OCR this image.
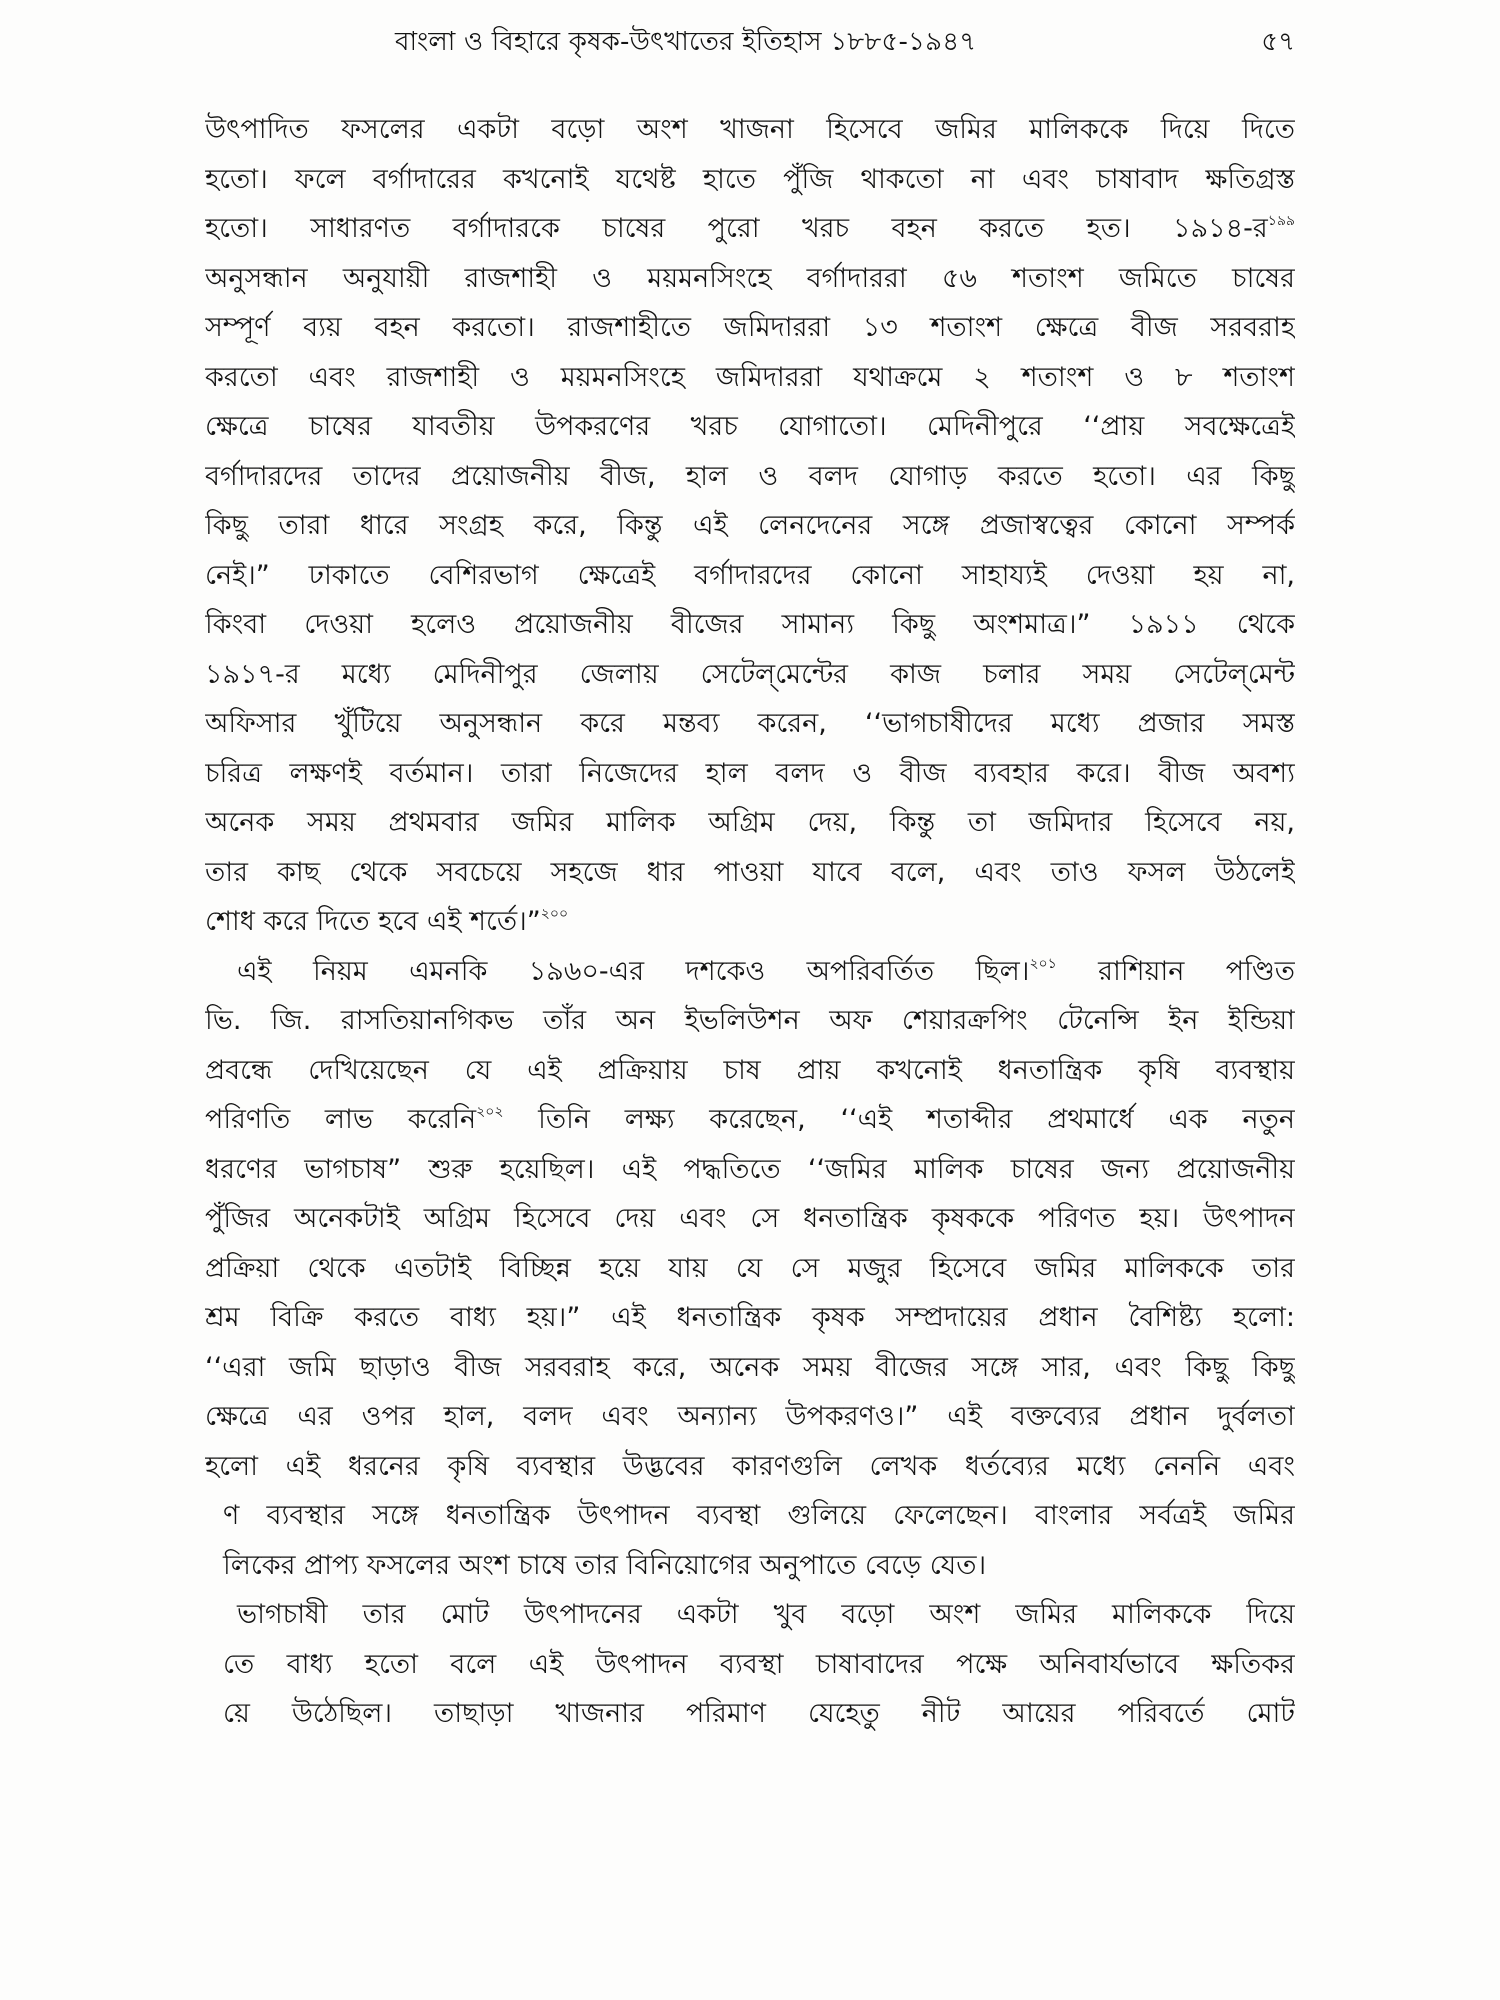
বাংলা ও বিহারে কৃষক-উৎখাতের ইতিহাস ১৮৮৫-১৯৪৭	৫৭
উৎপাদিত ফসলের একটা বড়ো অংশ খাজনা হিসেবে জমির মালিককে দিয়ে দিতে
হতো। ফলে বর্গাদারের কখনোই যথেষ্ট হাতে পুঁজি থাকতো না এবং চাষাবাদ ক্ষতিগ্রস্ত
হতো। সাধারণত বর্গাদারকে চাষের পুরো খরচ বহন করতে হত। ১৯১৪-র$^{১৯৯}$
অনুসন্ধান অনুযায়ী রাজশাহী ও ময়মনসিংহে বর্গাদাররা ৫৬ শতাংশ জমিতে চাষের
সম্পূর্ণ ব্যয় বহন করতো। রাজশাহীতে জমিদাররা ১৩ শতাংশ ক্ষেত্রে বীজ সরবরাহ
করতো এবং রাজশাহী ও ময়মনসিংহে জমিদাররা যথাক্রমে ২ শতাংশ ও ৮ শতাংশ
ক্ষেত্রে চাষের যাবতীয় উপকরণের খরচ যোগাতো। মেদিনীপুরে ‘‘প্রায় সবক্ষেত্রেই
বর্গাদারদের তাদের প্রয়োজনীয় বীজ, হাল ও বলদ যোগাড় করতে হতো। এর কিছু
কিছু তারা ধারে সংগ্রহ করে, কিন্তু এই লেনদেনের সঙ্গে প্রজাস্বত্বের কোনো সম্পর্ক
নেই।” ঢাকাতে বেশিরভাগ ক্ষেত্রেই বর্গাদারদের কোনো সাহায্যই দেওয়া হয় না,
কিংবা দেওয়া হলেও প্রয়োজনীয় বীজের সামান্য কিছু অংশমাত্র।” ১৯১১ থেকে
১৯১৭-র মধ্যে মেদিনীপুর জেলায় সেটেল্‌মেন্টের কাজ চলার সময় সেটেল্‌মেন্ট
অফিসার খুঁটিয়ে অনুসন্ধান করে মন্তব্য করেন, ‘‘ভাগচাষীদের মধ্যে প্রজার সমস্ত
চরিত্র লক্ষণই বর্তমান। তারা নিজেদের হাল বলদ ও বীজ ব্যবহার করে। বীজ অবশ্য
অনেক সময় প্রথমবার জমির মালিক অগ্রিম দেয়, কিন্তু তা জমিদার হিসেবে নয়,
তার কাছ থেকে সবচেয়ে সহজে ধার পাওয়া যাবে বলে, এবং তাও ফসল উঠলেই
শোধ করে দিতে হবে এই শর্তে।”$^{২০০}$
এই নিয়ম এমনকি ১৯৬০-এর দশকেও অপরিবর্তিত ছিল।$^{২০১}$ রাশিয়ান পণ্ডিত
ভি. জি. রাসতিয়ানগিকভ তাঁর অন ইভলিউশন অফ শেয়ারক্রপিং টেনেন্সি ইন ইন্ডিয়া
প্রবন্ধে দেখিয়েছেন যে এই প্রক্রিয়ায় চাষ প্রায় কখনোই ধনতান্ত্রিক কৃষি ব্যবস্থায়
পরিণতি লাভ করেনি$^{২০২}$ তিনি লক্ষ্য করেছেন, ‘‘এই শতাব্দীর প্রথমার্ধে এক নতুন
ধরণের ভাগচাষ” শুরু হয়েছিল। এই পদ্ধতিতে ‘‘জমির মালিক চাষের জন্য প্রয়োজনীয়
পুঁজির অনেকটাই অগ্রিম হিসেবে দেয় এবং সে ধনতান্ত্রিক কৃষককে পরিণত হয়। উৎপাদন
প্রক্রিয়া থেকে এতটাই বিচ্ছিন্ন হয়ে যায় যে সে মজুর হিসেবে জমির মালিককে তার
শ্রম বিক্রি করতে বাধ্য হয়।” এই ধনতান্ত্রিক কৃষক সম্প্রদায়ের প্রধান বৈশিষ্ট্য হলো:
‘‘এরা জমি ছাড়াও বীজ সরবরাহ করে, অনেক সময় বীজের সঙ্গে সার, এবং কিছু কিছু
ক্ষেত্রে এর ওপর হাল, বলদ এবং অন্যান্য উপকরণও।” এই বক্তব্যের প্রধান দুর্বলতা
হলো এই ধরনের কৃষি ব্যবস্থার উদ্ভবের কারণগুলি লেখক ধর্তব্যের মধ্যে নেননি এবং
ণ ব্যবস্থার সঙ্গে ধনতান্ত্রিক উৎপাদন ব্যবস্থা গুলিয়ে ফেলেছেন। বাংলার সর্বত্রই জমির
লিকের প্রাপ্য ফসলের অংশ চাষে তার বিনিয়োগের অনুপাতে বেড়ে যেত।
ভাগচাষী তার মোট উৎপাদনের একটা খুব বড়ো অংশ জমির মালিককে দিয়ে
তে বাধ্য হতো বলে এই উৎপাদন ব্যবস্থা চাষাবাদের পক্ষে অনিবার্যভাবে ক্ষতিকর
য়ে উঠেছিল। তাছাড়া খাজনার পরিমাণ যেহেতু নীট আয়ের পরিবর্তে মোট
